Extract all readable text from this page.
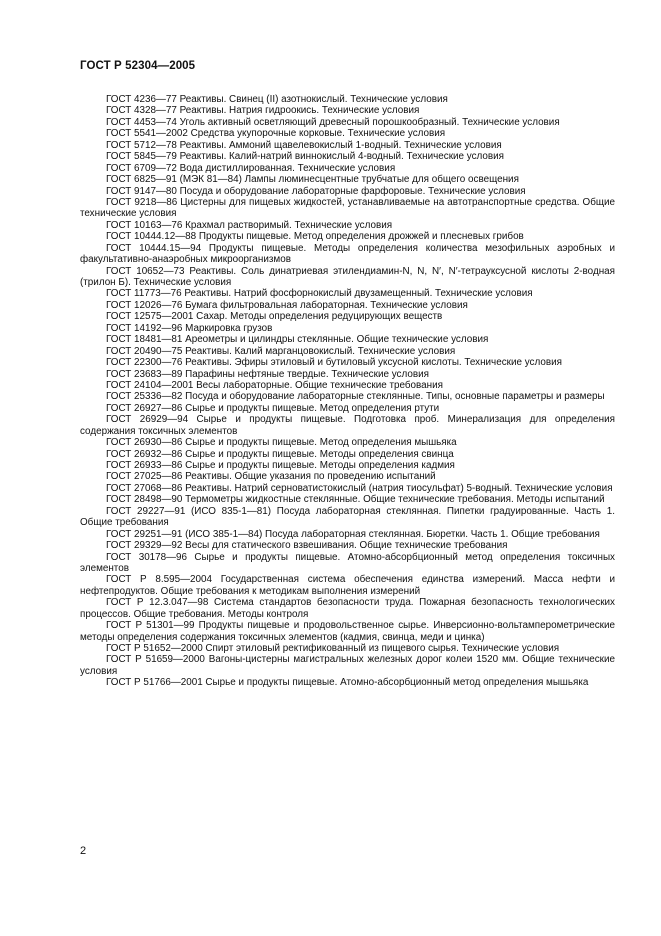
ГОСТ Р 52304—2005

ГОСТ 4236—77 Реактивы. Свинец (II) азотнокислый. Технические условия

ГОСТ 4328—77 Реактивы. Натрия гидроокись. Технические условия

ГОСТ 4453—74 Уголь активный осветляющий древесный порошкообразный. Технические условия

ГОСТ 5541—2002 Средства укупорочные корковые. Технические условия

ГОСТ 5712—78 Реактивы. Аммоний щавелевокислый 1-водный. Технические условия

ГОСТ 5845—79 Реактивы. Калий-натрий виннокислый 4-водный. Технические условия

ГОСТ 6709—72 Вода дистиллированная. Технические условия

ГОСТ 6825—91 (МЭК 81—84) Лампы люминесцентные трубчатые для общего освещения

ГОСТ 9147—80 Посуда и оборудование лабораторные фарфоровые. Технические условия

ГОСТ 9218—86 Цистерны для пищевых жидкостей, устанавливаемые на автотранспортные средства. Общие технические условия

ГОСТ 10163—76 Крахмал растворимый. Технические условия

ГОСТ 10444.12—88 Продукты пищевые. Метод определения дрожжей и плесневых грибов

ГОСТ 10444.15—94 Продукты пищевые. Методы определения количества мезофильных аэробных и факультативно-анаэробных микроорганизмов

ГОСТ 10652—73 Реактивы. Соль динатриевая этилендиамин-N, N, N′, N′-тетрауксусной кислоты 2-водная (трилон Б). Технические условия

ГОСТ 11773—76 Реактивы. Натрий фосфорнокислый двузамещенный. Технические условия

ГОСТ 12026—76 Бумага фильтровальная лабораторная. Технические условия

ГОСТ 12575—2001 Сахар. Методы определения редуцирующих веществ

ГОСТ 14192—96 Маркировка грузов

ГОСТ 18481—81 Ареометры и цилиндры стеклянные. Общие технические условия

ГОСТ 20490—75 Реактивы. Калий марганцовокислый. Технические условия

ГОСТ 22300—76 Реактивы. Эфиры этиловый и бутиловый уксусной кислоты. Технические условия

ГОСТ 23683—89 Парафины нефтяные твердые. Технические условия

ГОСТ 24104—2001 Весы лабораторные. Общие технические требования

ГОСТ 25336—82 Посуда и оборудование лабораторные стеклянные. Типы, основные параметры и размеры

ГОСТ 26927—86 Сырье и продукты пищевые. Метод определения ртути

ГОСТ 26929—94 Сырье и продукты пищевые. Подготовка проб. Минерализация для определения содержания токсичных элементов

ГОСТ 26930—86 Сырье и продукты пищевые. Метод определения мышьяка

ГОСТ 26932—86 Сырье и продукты пищевые. Методы определения свинца

ГОСТ 26933—86 Сырье и продукты пищевые. Методы определения кадмия

ГОСТ 27025—86 Реактивы. Общие указания по проведению испытаний

ГОСТ 27068—86 Реактивы. Натрий серноватистокислый (натрия тиосульфат) 5-водный. Технические условия

ГОСТ 28498—90 Термометры жидкостные стеклянные. Общие технические требования. Методы испытаний

ГОСТ 29227—91 (ИСО 835-1—81) Посуда лабораторная стеклянная. Пипетки градуированные. Часть 1. Общие требования

ГОСТ 29251—91 (ИСО 385-1—84) Посуда лабораторная стеклянная. Бюретки. Часть 1. Общие требования

ГОСТ 29329—92 Весы для статического взвешивания. Общие технические требования

ГОСТ 30178—96 Сырье и продукты пищевые. Атомно-абсорбционный метод определения токсичных элементов

ГОСТ Р 8.595—2004 Государственная система обеспечения единства измерений. Масса нефти и нефтепродуктов. Общие требования к методикам выполнения измерений

ГОСТ Р 12.3.047—98 Система стандартов безопасности труда. Пожарная безопасность технологических процессов. Общие требования. Методы контроля

ГОСТ Р 51301—99 Продукты пищевые и продовольственное сырье. Инверсионно-вольтамперометрические методы определения содержания токсичных элементов (кадмия, свинца, меди и цинка)

ГОСТ Р 51652—2000 Спирт этиловый ректификованный из пищевого сырья. Технические условия

ГОСТ Р 51659—2000 Вагоны-цистерны магистральных железных дорог колеи 1520 мм. Общие технические условия

ГОСТ Р 51766—2001 Сырье и продукты пищевые. Атомно-абсорбционный метод определения мышьяка

2
